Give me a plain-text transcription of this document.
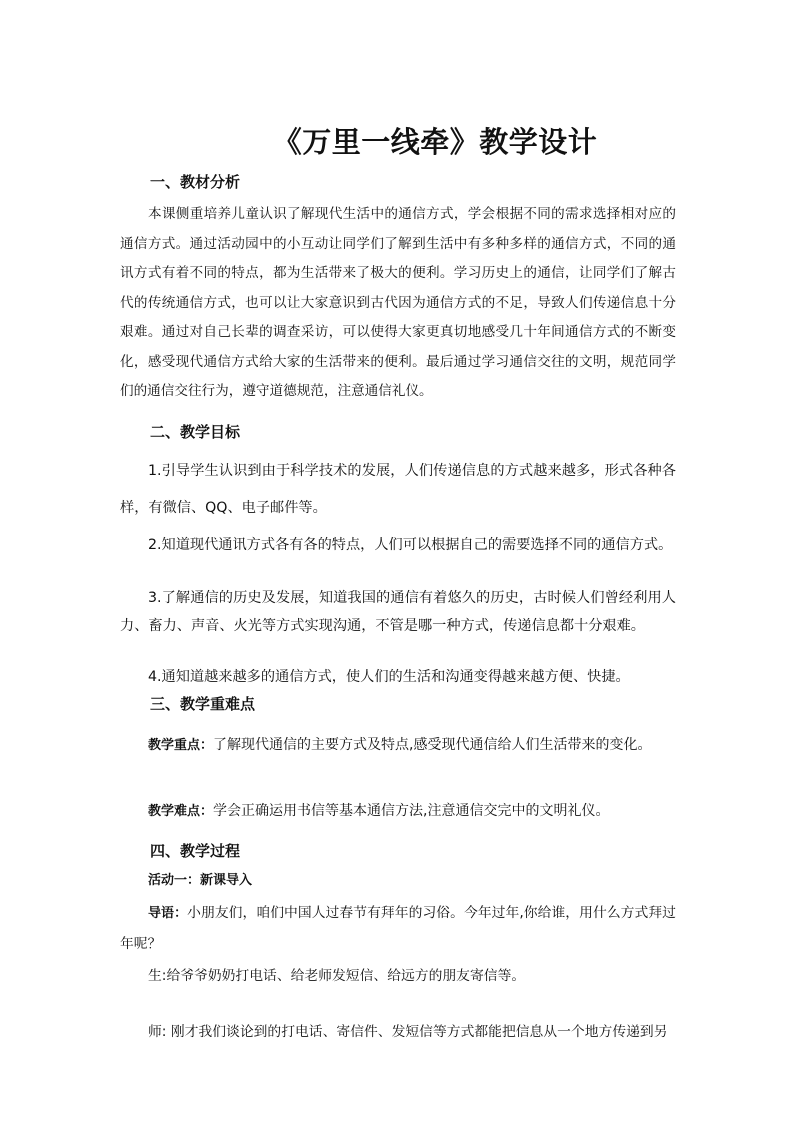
《万里一线牵》教学设计
一、教材分析
本课侧重培养儿童认识了解现代生活中的通信方式，学会根据不同的需求选择相对应的通信方式。通过活动园中的小互动让同学们了解到生活中有多种多样的通信方式，不同的通讯方式有着不同的特点，都为生活带来了极大的便利。学习历史上的通信，让同学们了解古代的传统通信方式，也可以让大家意识到古代因为通信方式的不足，导致人们传递信息十分艰难。通过对自己长辈的调查采访，可以使得大家更真切地感受几十年间通信方式的不断变化，感受现代通信方式给大家的生活带来的便利。最后通过学习通信交往的文明，规范同学们的通信交往行为，遵守道德规范，注意通信礼仪。
二、教学目标
1.引导学生认识到由于科学技术的发展，人们传递信息的方式越来越多，形式各种各样，有微信、QQ、电子邮件等。
2.知道现代通讯方式各有各的特点，人们可以根据自己的需要选择不同的通信方式。
3.了解通信的历史及发展，知道我国的通信有着悠久的历史，古时候人们曾经利用人力、畜力、声音、火光等方式实现沟通，不管是哪一种方式，传递信息都十分艰难。
4.通知道越来越多的通信方式，使人们的生活和沟通变得越来越方便、快捷。
三、教学重难点
教学重点：了解现代通信的主要方式及特点,感受现代通信给人们生活带来的变化。
教学难点：学会正确运用书信等基本通信方法,注意通信交完中的文明礼仪。
四、教学过程
活动一：新课导入
导语：小朋友们，咱们中国人过春节有拜年的习俗。今年过年,你给谁，用什么方式拜过年呢？
生:给爷爷奶奶打电话、给老师发短信、给远方的朋友寄信等。
师: 刚才我们谈论到的打电话、寄信件、发短信等方式都能把信息从一个地方传递到另
